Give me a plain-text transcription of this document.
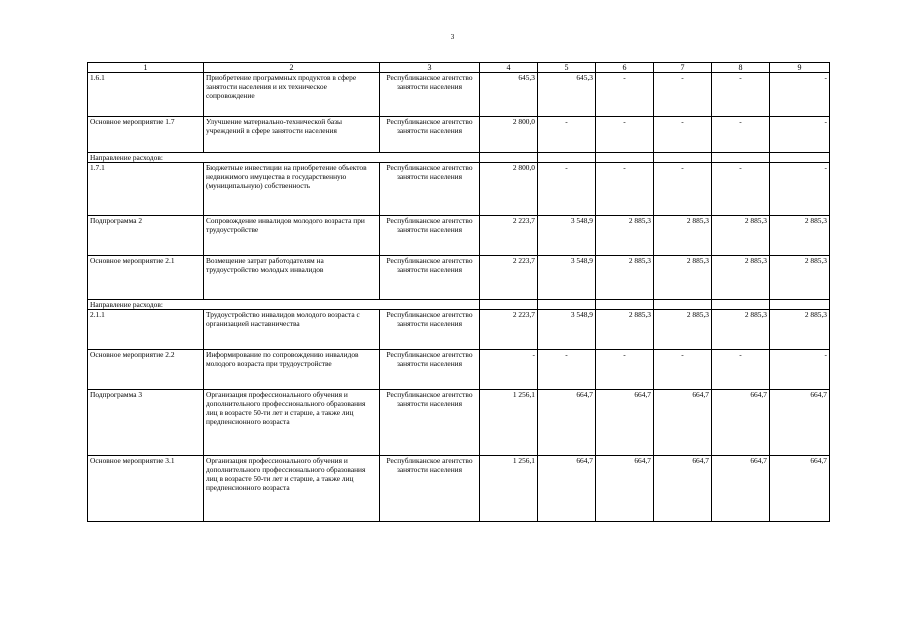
3
1	2	3	4	5	6	7	8	9
1.6.1	Приобретение программных продуктов в сфере занятости населения и их техническое сопровождение	Республиканское агентство занятости населения	645,3	645,3	-	-	-	-
Основное мероприятие 1.7	Улучшение материально-технической базы учреждений в сфере занятости населения	Республиканское агентство занятости населения	2 800,0	-	-	-	-	-
Направление расходов:								
1.7.1	Бюджетные инвестиции на приобретение объектов недвижимого имущества в государственную (муниципальную) собственность	Республиканское агентство занятости населения	2 800,0	-	-	-	-	-
Подпрограмма 2	Сопровождение инвалидов молодого возраста при трудоустройстве	Республиканское агентство занятости населения	2 223,7	3 548,9	2 885,3	2 885,3	2 885,3	2 885,3
Основное мероприятие 2.1	Возмещение затрат работодателям на трудоустройство молодых инвалидов	Республиканское агентство занятости населения	2 223,7	3 548,9	2 885,3	2 885,3	2 885,3	2 885,3
Направление расходов:								
2.1.1	Трудоустройство инвалидов молодого возраста с организацией наставничества	Республиканское агентство занятости населения	2 223,7	3 548,9	2 885,3	2 885,3	2 885,3	2 885,3
Основное мероприятие 2.2	Информирование по сопровождению инвалидов молодого возраста при трудоустройстве	Республиканское агентство занятости населения	-	-	-	-	-	-
Подпрограмма 3	Организация профессионального обучения и дополнительного профессионального образования лиц в возрасте 50-ти лет и старше, а также лиц предпенсионного возраста	Республиканское агентство занятости населения	1 256,1	664,7	664,7	664,7	664,7	664,7
Основное мероприятие 3.1	Организация профессионального обучения и дополнительного профессионального образования лиц в возрасте 50-ти лет и старше, а также лиц предпенсионного возраста	Республиканское агентство занятости населения	1 256,1	664,7	664,7	664,7	664,7	664,7
